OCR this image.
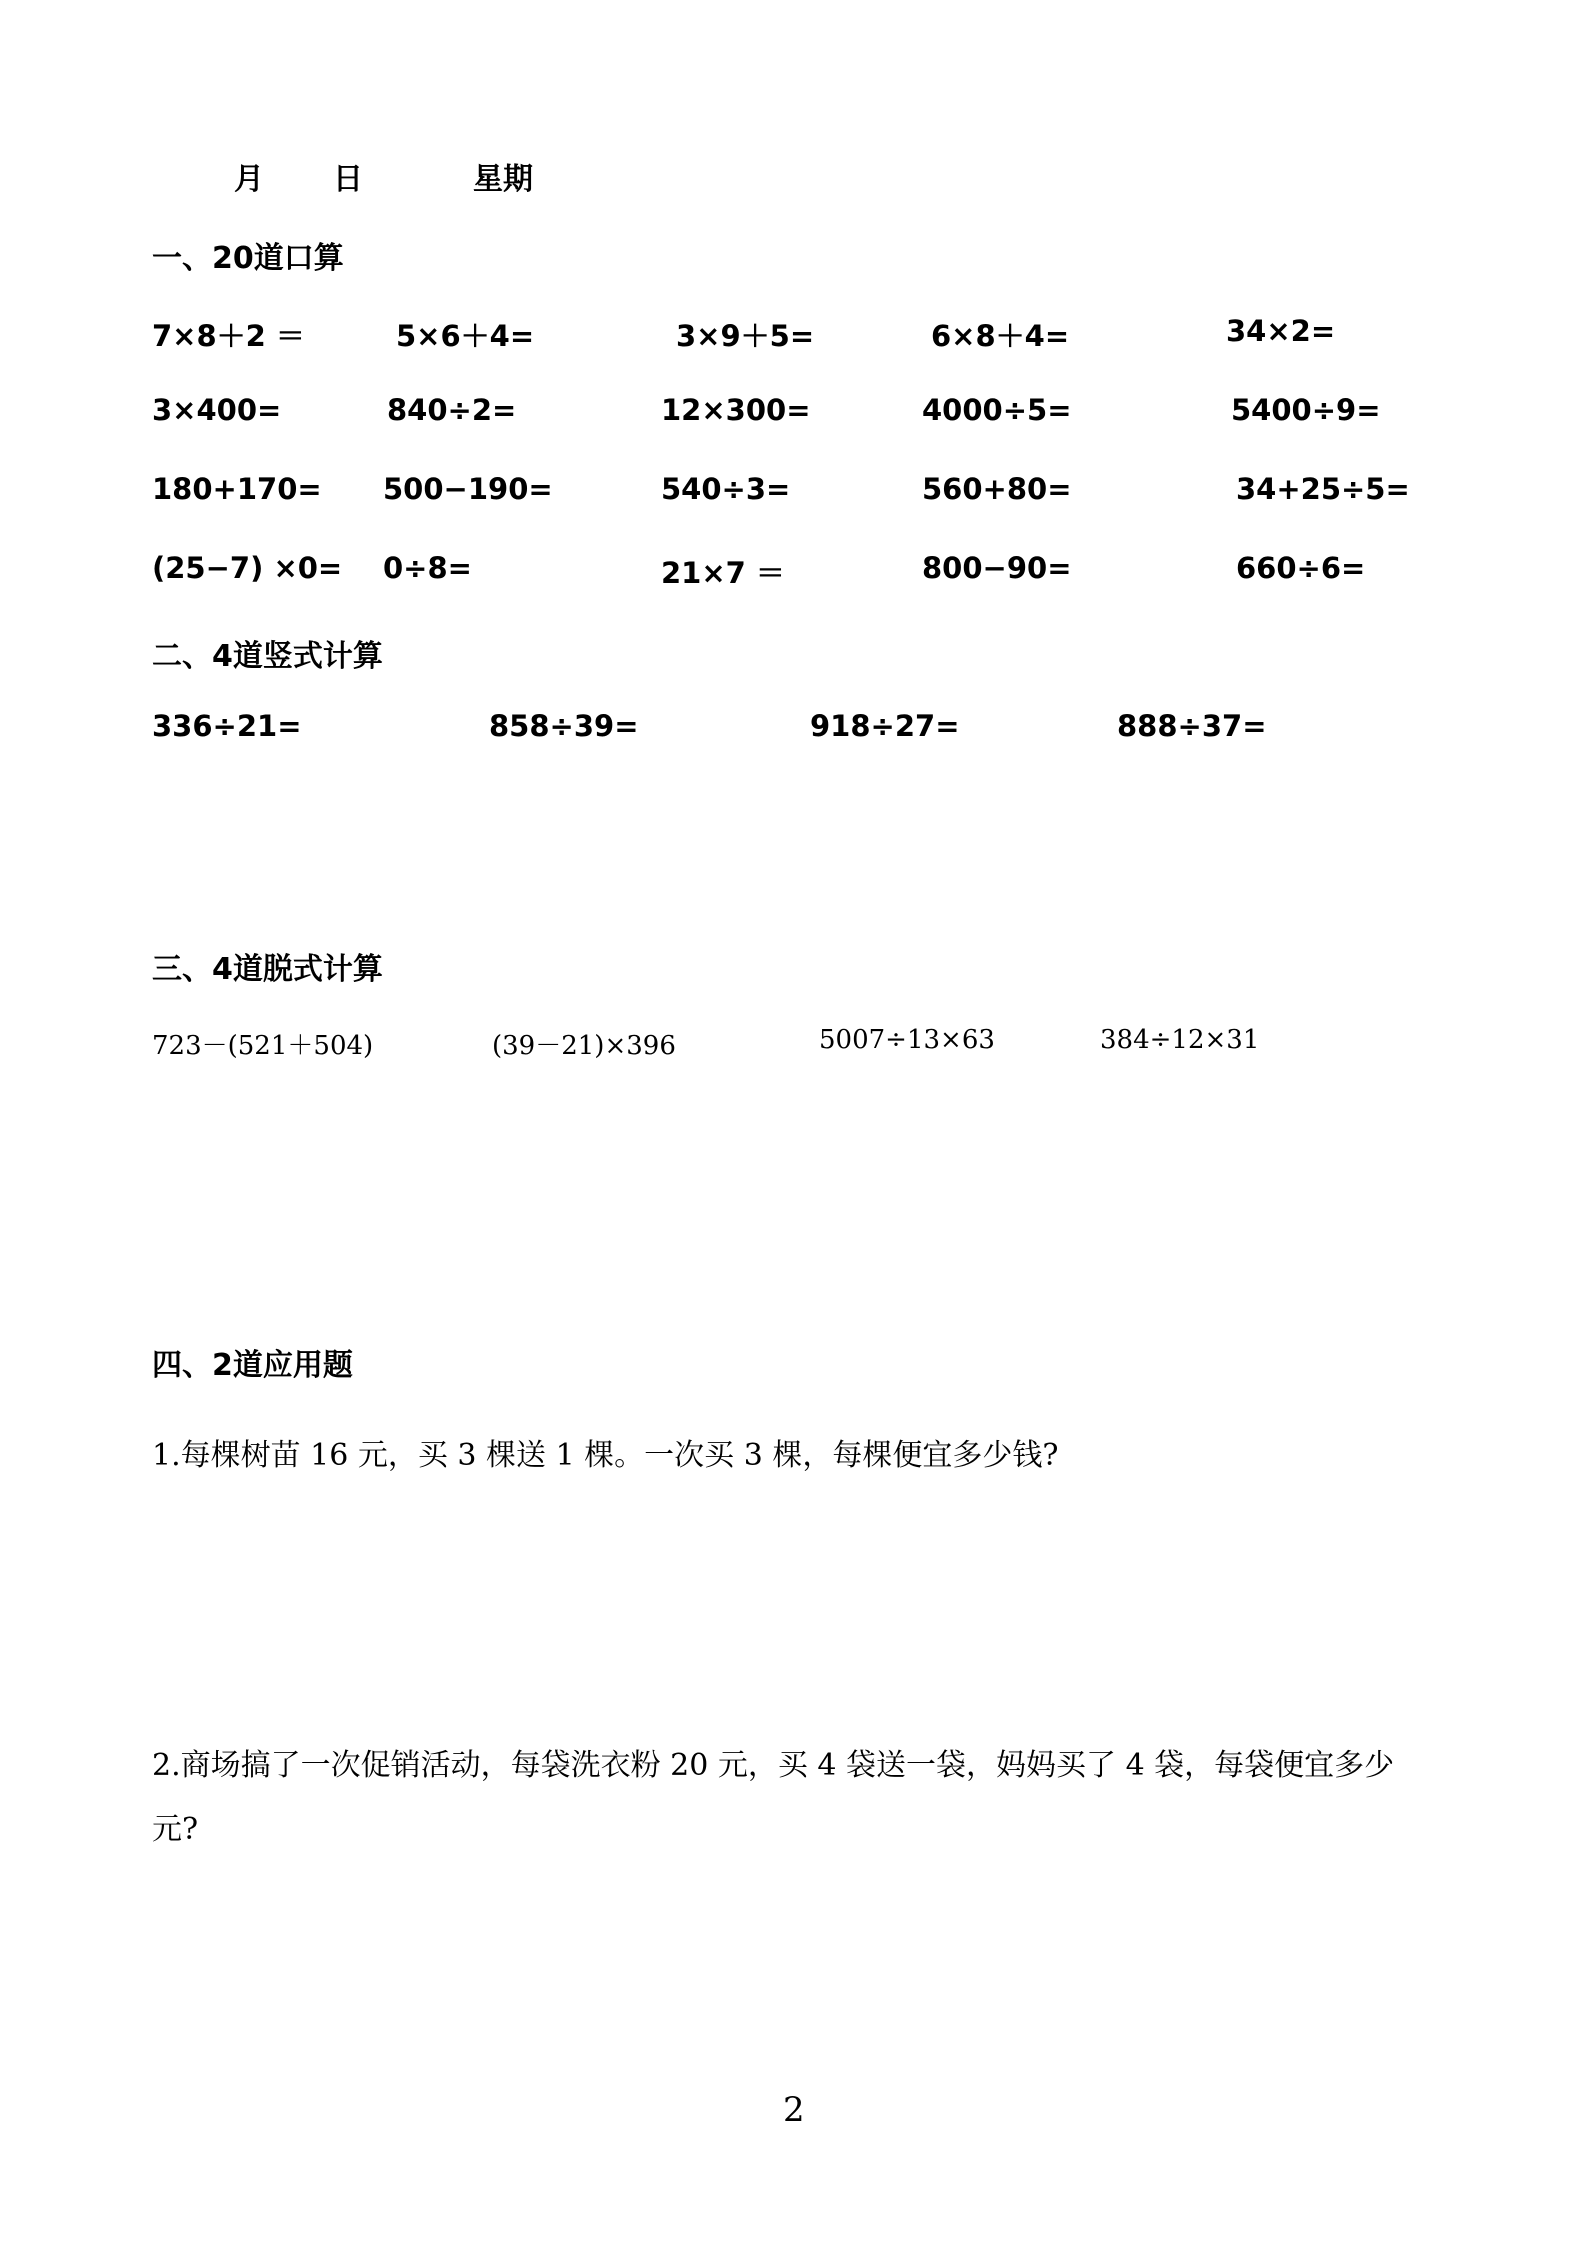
月 日	星期
一、20道口算
7×8＋2 ＝	5×6＋4=	3×9＋5=	6×8＋4=	34×2=
3×400=	840÷2=	12×300=	4000÷5=	5400÷9=
180+170= 500−190=	540÷3=	560+80=	34+25÷5=
(25−7) ×0= 0÷8=	21×7 ＝	800−90=	660÷6=
二、4道竖式计算
336÷21=	858÷39=	918÷27=	888÷37=
三、4道脱式计算
723－(521＋504)	(39－21)×396	5007÷13×63	384÷12×31
四、2道应用题
1.每棵树苗 16 元，买 3 棵送 1 棵。一次买 3 棵，每棵便宜多少钱?
2.商场搞了一次促销活动，每袋洗衣粉 20 元，买 4 袋送一袋，妈妈买了 4 袋，每袋便宜多少
元?
2
